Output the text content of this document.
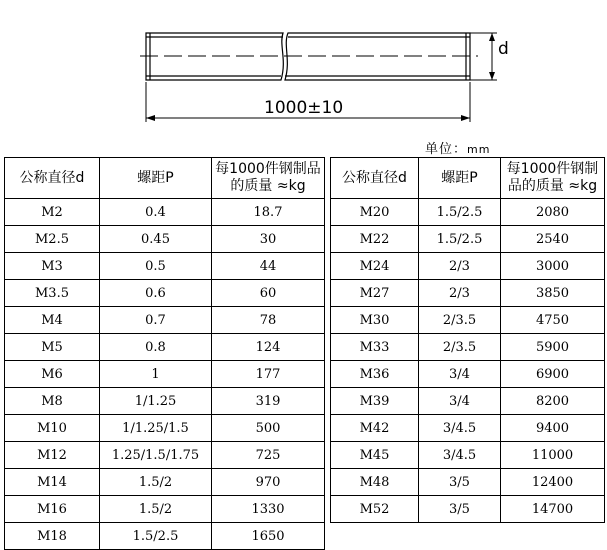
d
1000±10
单位：mm
公称直径d	螺距P	每1000件钢制品的质量 ≈kg
M2	0.4	18.7
M2.5	0.45	30
M3	0.5	44
M3.5	0.6	60
M4	0.7	78
M5	0.8	124
M6	1	177
M8	1/1.25	319
M10	1/1.25/1.5	500
M12	1.25/1.5/1.75	725
M14	1.5/2	970
M16	1.5/2	1330
M18	1.5/2.5	1650
公称直径d	螺距P	每1000件钢制品的质量 ≈kg
M20	1.5/2.5	2080
M22	1.5/2.5	2540
M24	2/3	3000
M27	2/3	3850
M30	2/3.5	4750
M33	2/3.5	5900
M36	3/4	6900
M39	3/4	8200
M42	3/4.5	9400
M45	3/4.5	11000
M48	3/5	12400
M52	3/5	14700
